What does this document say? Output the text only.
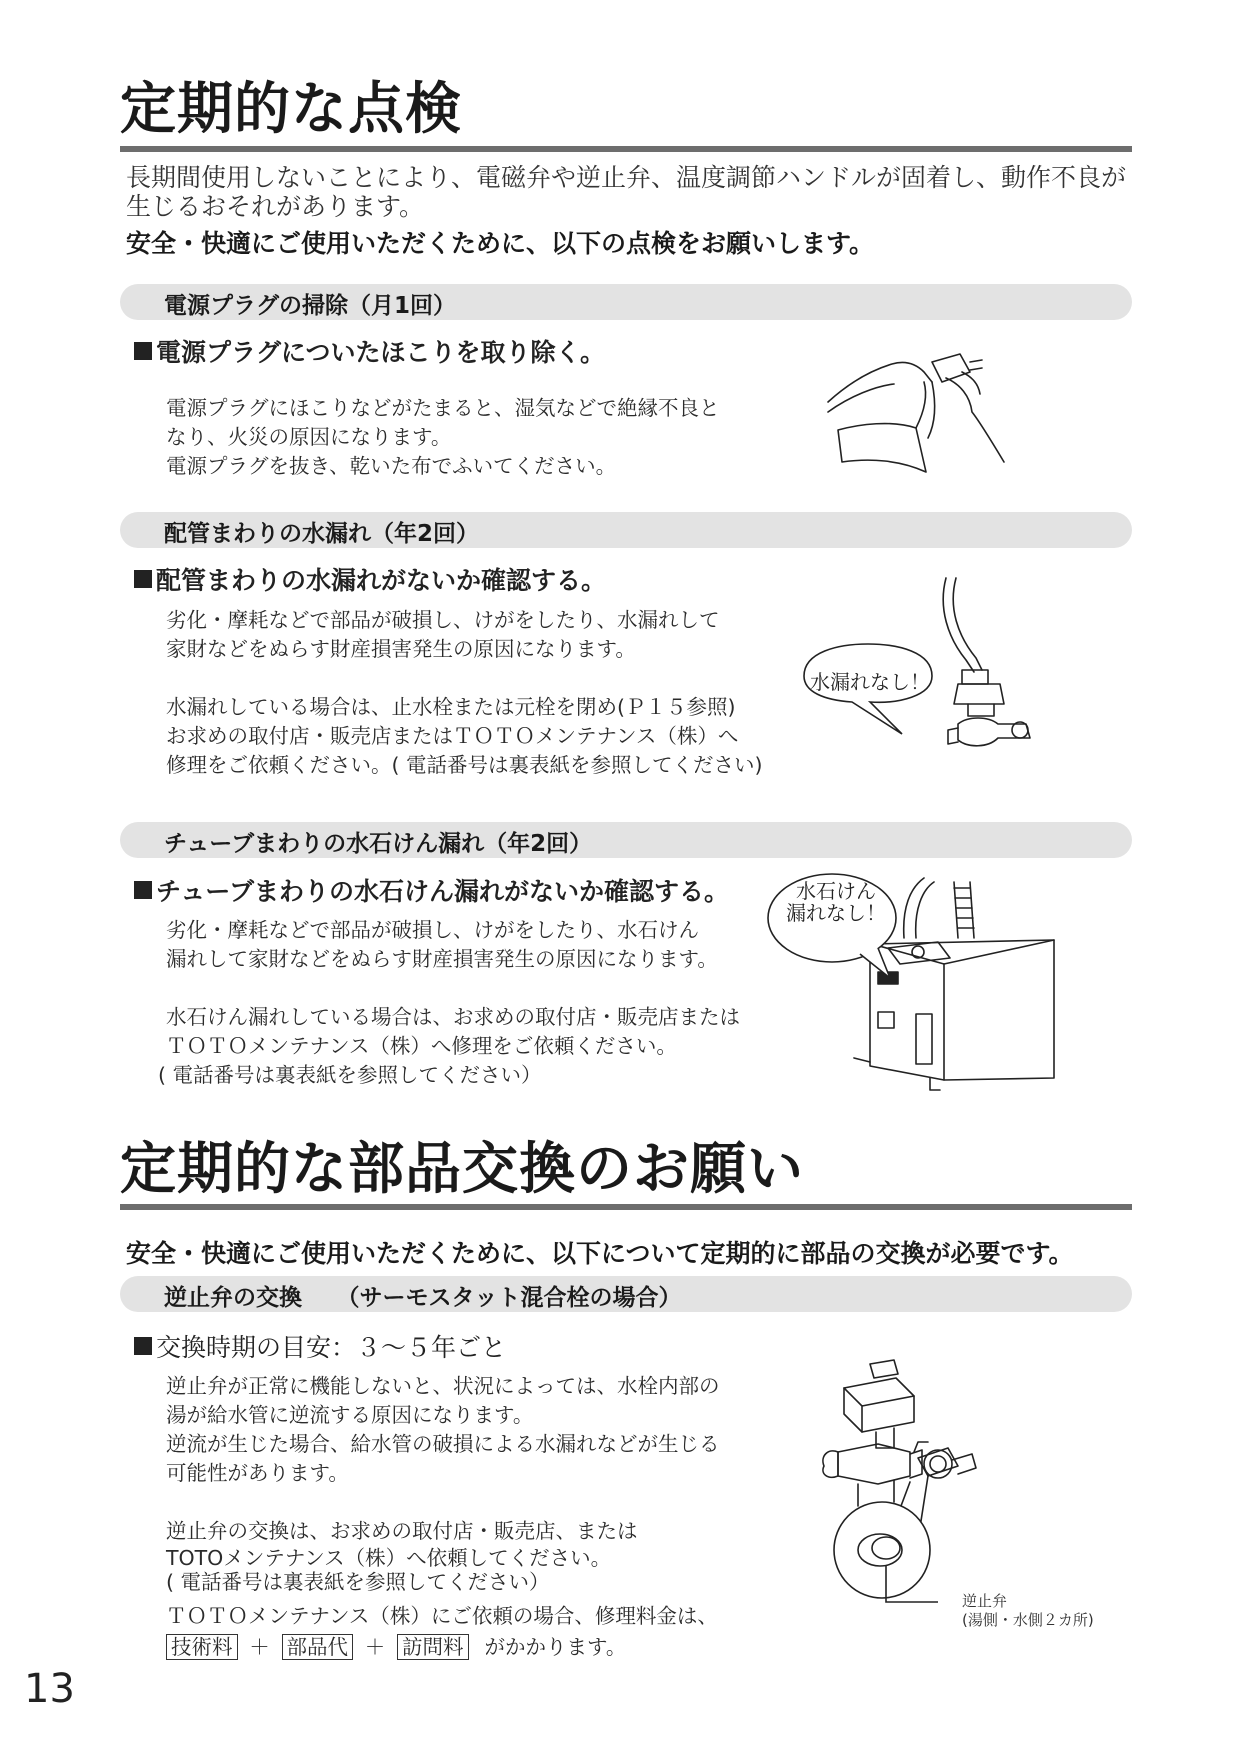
定期的な点検
長期間使用しないことにより、電磁弁や逆止弁、温度調節ハンドルが固着し、動作不良が
生じるおそれがあります。
安全・快適にご使用いただくために、以下の点検をお願いします。
電源プラグの掃除（月1回）
電源プラグについたほこりを取り除く。
電源プラグにほこりなどがたまると、湿気などで絶縁不良と
なり、火災の原因になります。
電源プラグを抜き、乾いた布でふいてください。
配管まわりの水漏れ（年2回）
配管まわりの水漏れがないか確認する。
劣化・摩耗などで部品が破損し、けがをしたり、水漏れして
家財などをぬらす財産損害発生の原因になります。
水漏れしている場合は、止水栓または元栓を閉め(Ｐ１５参照)
お求めの取付店・販売店またはＴＯＴＯメンテナンス（株）へ
修理をご依頼ください。( 電話番号は裏表紙を参照してください)
水漏れなし！
チューブまわりの水石けん漏れ（年2回）
チューブまわりの水石けん漏れがないか確認する。
劣化・摩耗などで部品が破損し、けがをしたり、水石けん
漏れして家財などをぬらす財産損害発生の原因になります。
水石けん漏れしている場合は、お求めの取付店・販売店または
ＴＯＴＯメンテナンス（株）へ修理をご依頼ください。
( 電話番号は裏表紙を参照してください）
水石けん
漏れなし！
定期的な部品交換のお願い
安全・快適にご使用いただくために、以下について定期的に部品の交換が必要です。
逆止弁の交換　　（サーモスタット混合栓の場合）
交換時期の目安：３～５年ごと
逆止弁が正常に機能しないと、状況によっては、水栓内部の
湯が給水管に逆流する原因になります。
逆流が生じた場合、給水管の破損による水漏れなどが生じる
可能性があります。
逆止弁の交換は、お求めの取付店・販売店、または
TOTOメンテナンス（株）へ依頼してください。
( 電話番号は裏表紙を参照してください）
ＴＯＴＯメンテナンス（株）にご依頼の場合、修理料金は、
技術料 ＋ 部品代 ＋ 訪問料 がかかります。
逆止弁
(湯側・水側２カ所)
13
